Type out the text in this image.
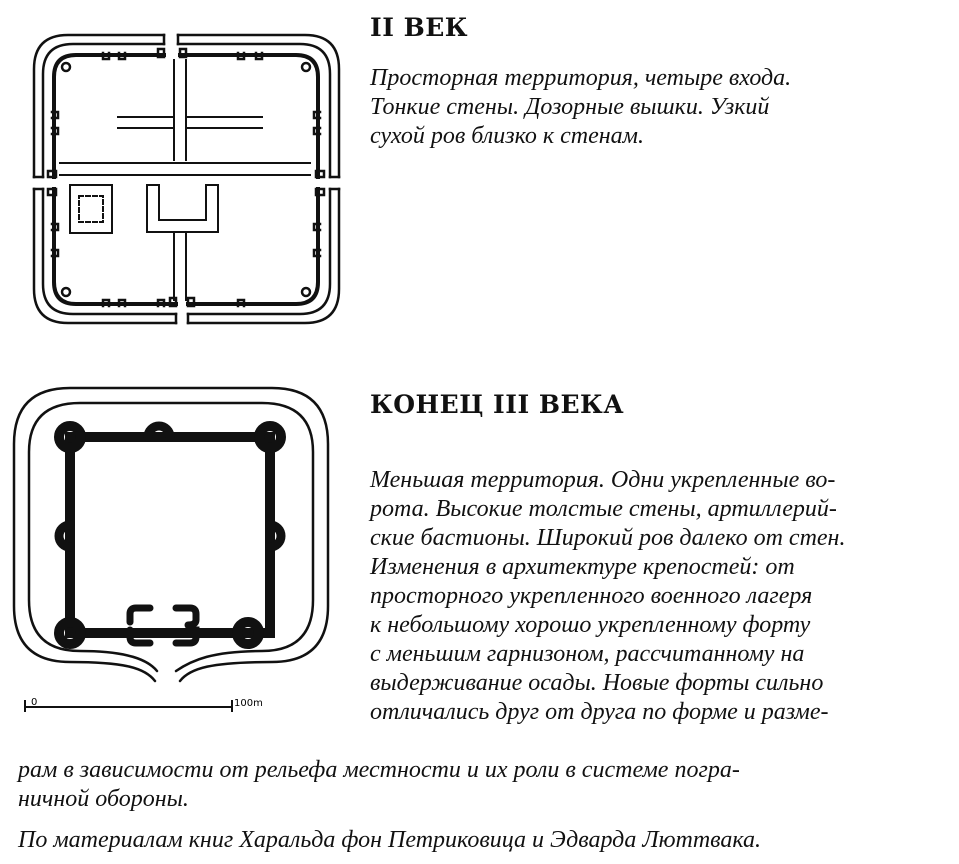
II ВЕК

Просторная территория, четыре входа.
Тонкие стены. Дозорные вышки. Узкий
сухой ров близко к стенам.

КОНЕЦ III ВЕКА

Меньшая территория. Одни укрепленные во-
рота. Высокие толстые стены, артиллерий-
ские бастионы. Широкий ров далеко от стен.
Изменения в архитектуре крепостей: от
просторного укрепленного военного лагеря
к небольшому хорошо укрепленному форту
с меньшим гарнизоном, рассчитанному на
выдерживание осады. Новые форты сильно
отличались друг от друга по форме и разме-

рам в зависимости от рельефа местности и их роли в системе погра-
ничной обороны.

По материалам книг Харальда фон Петриковица и Эдварда Люттвака.

0	100m
